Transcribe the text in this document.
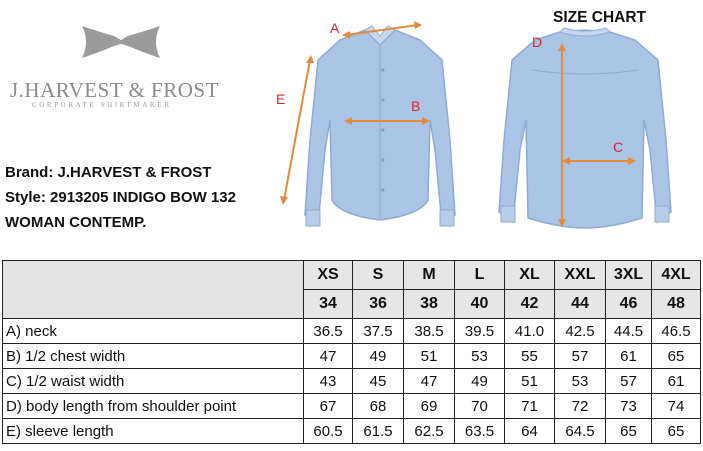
J.HARVEST & FROST
CORPORATE SHIRTMAKER
Brand: J.HARVEST & FROST
Style: 2913205 INDIGO BOW 132
WOMAN CONTEMP.
SIZE CHART
A
B
E
D
C
	XS	S	M	L	XL	XXL	3XL	4XL
	34	36	38	40	42	44	46	48
A) neck	36.5	37.5	38.5	39.5	41.0	42.5	44.5	46.5
B) 1/2 chest width	47	49	51	53	55	57	61	65
C) 1/2 waist width	43	45	47	49	51	53	57	61
D) body length from shoulder point	67	68	69	70	71	72	73	74
E) sleeve length	60.5	61.5	62.5	63.5	64	64.5	65	65
